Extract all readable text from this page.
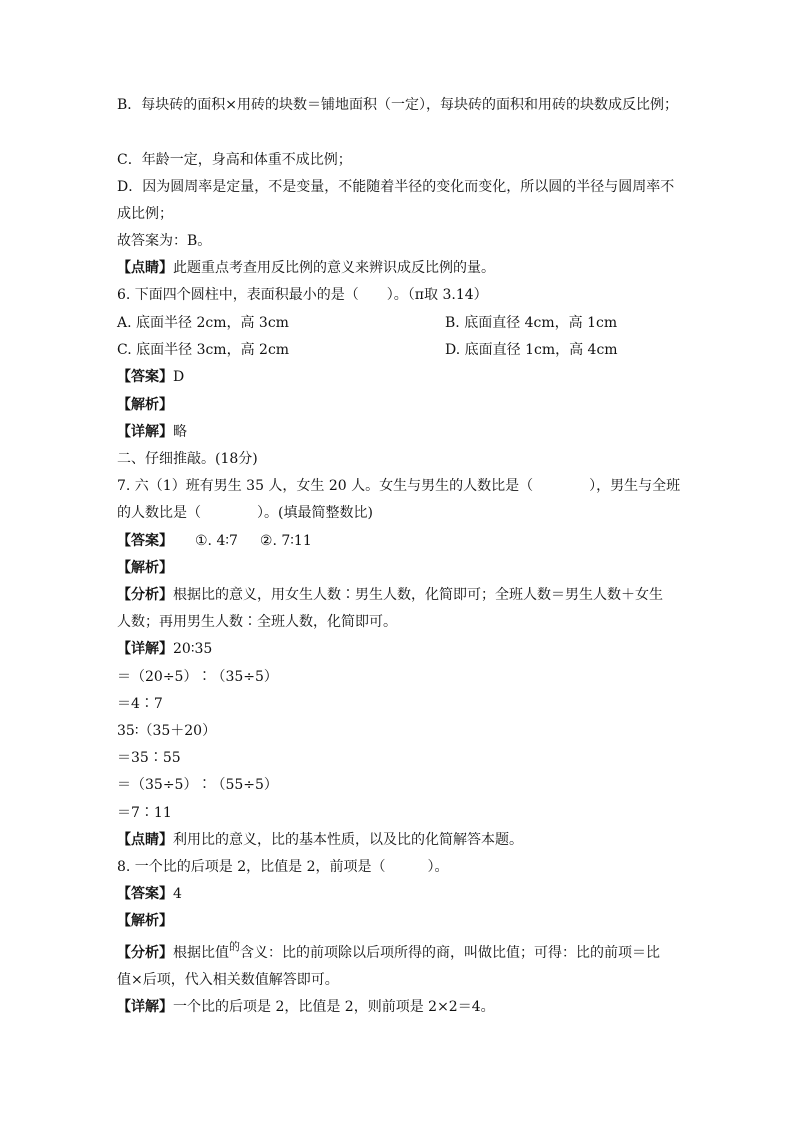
B．每块砖的面积×用砖的块数＝铺地面积（一定），每块砖的面积和用砖的块数成反比例；
C．年龄一定，身高和体重不成比例；
D．因为圆周率是定量，不是变量，不能随着半径的变化而变化，所以圆的半径与圆周率不
成比例；
故答案为：B。
【点睛】此题重点考查用反比例的意义来辨识成反比例的量。
6. 下面四个圆柱中，表面积最小的是（　　）。（π取 3.14）
A. 底面半径 2cm，高 3cm	B. 底面直径 4cm，高 1cm
C. 底面半径 3cm，高 2cm	D. 底面直径 1cm，高 4cm
【答案】D
【解析】
【详解】略
二、仔细推敲。(18分)
7. 六（1）班有男生 35 人，女生 20 人。女生与男生的人数比是（　　　　），男生与全班
的人数比是（　　　　）。(填最简整数比)
【答案】 ①. 4∶7 ②. 7∶11
【解析】
【分析】根据比的意义，用女生人数∶男生人数，化简即可；全班人数＝男生人数＋女生
人数；再用男生人数∶全班人数，化简即可。
【详解】20∶35
＝（20÷5）∶（35÷5）
＝4∶7
35∶（35＋20）
＝35∶55
＝（35÷5）∶（55÷5）
＝7∶11
【点睛】利用比的意义，比的基本性质，以及比的化简解答本题。
8. 一个比的后项是 2，比值是 2，前项是（　　　）。
【答案】4
【解析】
【分析】根据比值$^的$含义：比的前项除以后项所得的商，叫做比值；可得：比的前项＝比
值×后项，代入相关数值解答即可。
【详解】一个比的后项是 2，比值是 2，则前项是 2×2＝4。
